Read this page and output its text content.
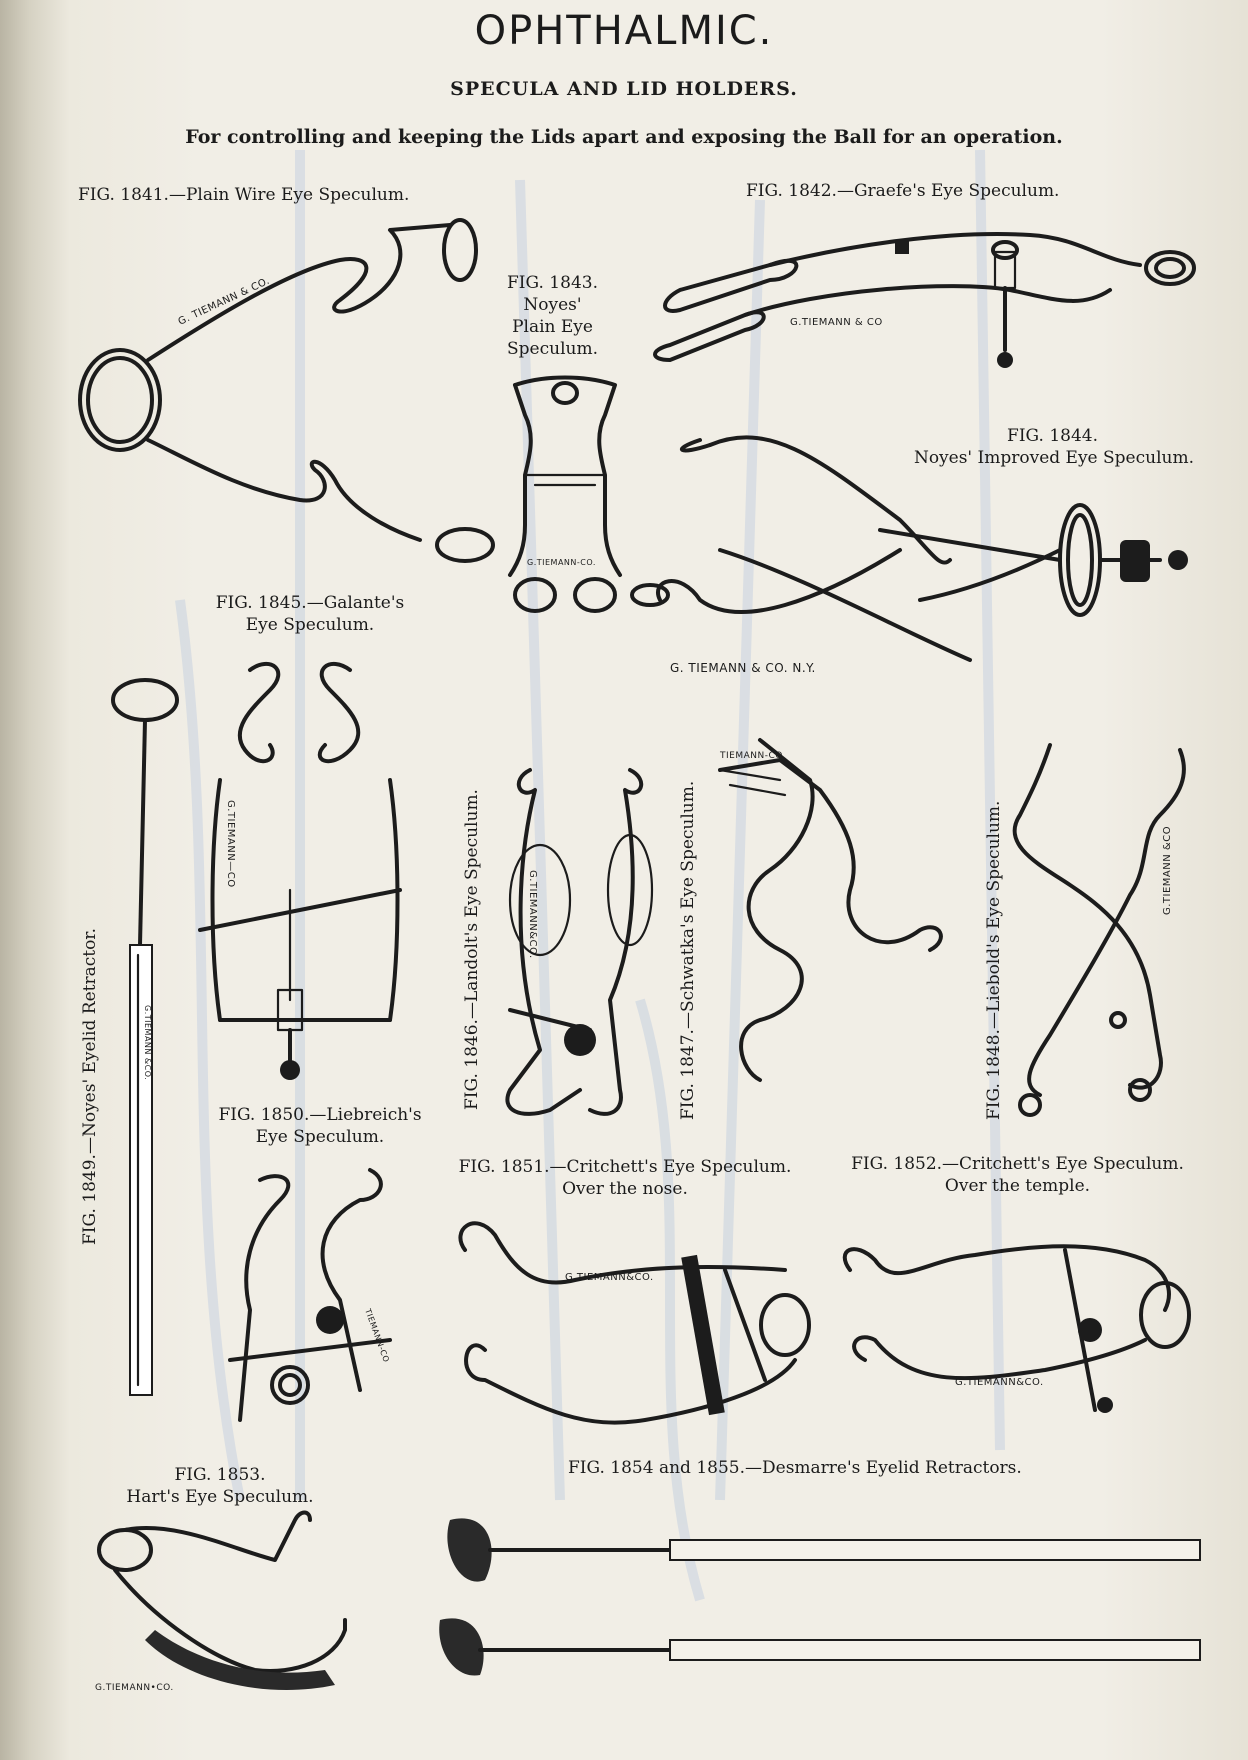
OPHTHALMIC.
SPECULA AND LID HOLDERS.
For controlling and keeping the Lids apart and exposing the Ball for an operation.
FIG. 1841.—Plain Wire Eye Speculum.	FIG. 1842.—Graefe's Eye Speculum.
FIG. 1843.
Noyes'
Plain Eye
Speculum.
FIG. 1844.
Noyes' Improved Eye Speculum.
FIG. 1845.—Galante's
Eye Speculum.
FIG. 1846.—Landolt's Eye Speculum.	FIG. 1847.—Schwatka's Eye Speculum.	FIG. 1848.—Liebold's Eye Speculum.
FIG. 1849.—Noyes' Eyelid Retractor.	FIG. 1850.—Liebreich's
Eye Speculum.
FIG. 1851.—Critchett's Eye Speculum.
Over the nose.
FIG. 1852.—Critchett's Eye Speculum.
Over the temple.
FIG. 1853.
Hart's Eye Speculum.
FIG. 1854 and 1855.—Desmarre's Eyelid Retractors.
G. TIEMANN & CO.	G.TIEMANN & CO
G.TIEMANN-CO.
G. TIEMANN & CO. N.Y.
G.TIEMANN—CO
G.TIEMANN&CO.
TIEMANN-CO
G.TIEMANN &CO
G.TIEMANN &CO.
TIEMANN-CO
G.TIEMANN&CO.
G.TIEMANN&CO.
G.TIEMANN•CO.
